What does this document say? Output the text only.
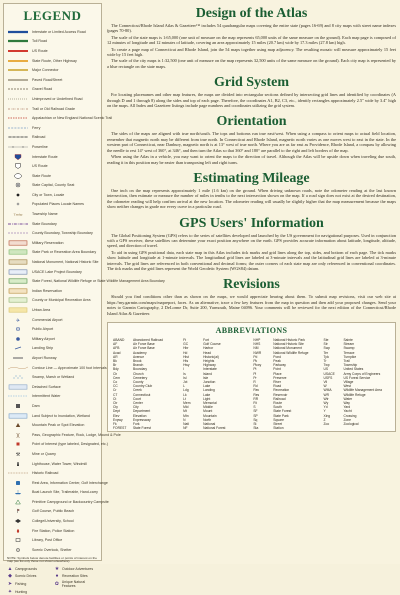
LEGEND
Interstate or Limited Access Road
Toll Road
US Route
State Route, Other Highway
Major Connector
Paved Road/Street
Gravel Road
Unimproved or Undefined Road
Trail or Old Railroad Grade
Appalachian or New England National Scenic Trail
Ferry
Railroad
Powerline
Interstate Route
US Route
State Route
State Capital, County Seat
City or Town, Locale
Populated Places Locale Names
Tnshp	Township Name
State Boundary
County Boundary, Township Boundary
Military Reservation
State Park or Recreation Area Boundary
National Monument, National Historic Site
USACE Lake Project Boundary
State Forest, National Wildlife Refuge or State Wildlife Management Area Boundary
Indian Reservation
County or Municipal Recreation Area
Urban Area
✈	Commercial Airport
Public Airport
Military Airport
Landing Strip
Airport Runway
Contour Line — Approximate 100 foot Intervals
Swamp, Marsh or Wetland
Detached Surface
Intermittent Water
Dam
Land Subject to Inundation, Wetland
Mountain Peak or Spot Elevation
)(	Pass, Geographic Feature, Rock, Lodge, Mound & Pole
Point of Interest (type labeled, Designated, etc.)
⚒	Mine or Quarry
Lighthouse, Water Tower, Windmill
Historic Railroad
Rest Area, Information Center, Golf Interchange
Boat Launch Site, Trailerable, Hand-carry
Primitive Campground or Backcountry Campsite
Golf Course, Public Beach
College/University, School
Fire Station, Police Station
Library, Post Office
Scenic Overlook, Shelter
NOTE: Symbols below denote facilities or points of interest on the map (we list only those not shown elsewhere).
▲ Campgrounds	★ Outdoor Adventures
◆ Scenic Drives	● Recreation Sites
➤ Fishing	✿ Unique Natural Features
✦ Hunting
Design of the Atlas

The Connecticut/Rhode Island Atlas & Gazetteer™ includes 54 quadrangular maps covering the entire state (pages 16-69) and 8 city maps with street name indexes (pages 70-80).

The scale of the state maps is 1:65,000 (one unit of measure on the map represents 65,000 units of the same measure on the ground). Each map page is composed of 12 minutes of longitude and 12 minutes of latitude, covering an area approximately 15 miles (20.7 km) wide by 17.3 miles (27.8 km) high.

To create a page map of Connecticut and Rhode Island, join the 54 maps together using map adjacency. The resulting mosaic will measure approximately 15 feet wide by 15 feet high.

The scale of the city maps is 1:32,500 (one unit of measure on the map represents 32,500 units of the same measure on the ground). Each city map is represented by a blue rectangle on the state maps.

Grid System

For locating placenames and other map features, the maps are divided into rectangular sections defined by intersecting grid lines and identified by coordinates (A through D and 1 through 8) along the sides and top of each page. Therefore, the coordinates A1, B2, C3, etc., identify rectangles approximately 2.5" wide by 3.4" high on the maps. All Index and Gazetteer listings include page numbers and coordinates utilizing the grid system.

Orientation

The sides of the maps are aligned with true north/south. The tops and bottoms run true east/west. When using a compass to orient maps to actual field location, remember that magnetic north may be different from true north. In Connecticut and Rhode Island, magnetic north varies as one moves west to east in the state. In the western part of Connecticut, near Danbury, magnetic north is at 13° west of true north. Where you are as far east as Providence, Rhode Island, a compass by allowing the needle to rest 14° west of 360°, at 346°, and then turn the Atlas so that 360° and 180° are parallel to the right and left borders of the map.

When using the Atlas in a vehicle, you may want to orient the maps to the direction of travel. Although the Atlas will be upside down when traveling due south, reading it in this position may be easier than transposing left and right turns.

Estimating Mileage

One inch on the map represents approximately 1 mile (1.6 km) on the ground. When driving unknown roads, note the odometer reading at the last known intersection, then estimate or measure the number of miles in tenths to the next intersection shown on the map. If a road sign does not exist at the desired destination, the odometer reading will help confirm arrival at the new location. The odometer reading will usually be slightly higher that the map measurement because the maps show neither changes in grade nor every curve in a particular road.

GPS Users' Information

The Global Positioning System (GPS) refers to the series of satellites developed and launched by the US government for navigational purposes. Used in conjunction with a GPS receiver, these satellites can determine your exact position anywhere on the earth. GPS provides accurate information about latitude, longitude, altitude, speed, and direction of travel.

To aid in using GPS positional data, each state map in this Atlas includes tick marks and grid lines along the top, sides, and bottom of each page. The tick marks show latitude and longitude at 1-minute intervals. The longitudinal grid lines are labeled at 3-minute intervals and the latitudinal grid lines are labeled at 3-minute intervals. The grid lines are referenced in both conventional and decimal forms; the outer corners of each state map are only referenced in conventional coordinates. The tick marks and the grid lines represent the World Geodetic System (WGS84) datum.

Revisions

Should you find conditions other than as shown on the maps, we would appreciate hearing about them. To submit map revisions, visit our web site at https://my.garmin.com/maps/mapreport, faces. As an alternative, trace a few key features from the map in question and then add your proposed changes. Send your notes to Garmin Cartography, 2 DeLorme Dr, Suite 200, Yarmouth, Maine 04096. Your comments will be reviewed for the next edition of the Connecticut/Rhode Island Atlas & Gazetteer.

ABBREVIATIONS
ABAND	Abandoned Railroad
AF	Air Force Base
AFB	Air Force Base
Acad	Academy
AR	Avenue
Bk	Brook
Br	Branch
Bdy	Boundary
Ch	Church
Cem	Cemetery
Co	County
CC	Country Club
Cr	Creek
CT	Connecticut
Ct	Court
Ctr	Center
Cty	City
Dept	Department
Elev	Elevation
Expwy	Expressway
Fk	Fork
FOREST	State Forest
Ft	Fort
GC	Golf Course
Hbr	Harbor
Hd	Head
Hist	Historic(al)
Hts	Heights
Hwy	Highway
I	Interstate
Is	Island
Isl	Isle
Jct	Junction
L	Lake
Ldg	Landing
Lk	Lake
Lt	Light
Mem	Memorial
Mid	Middle
Mt	Mount
Mtn	Mountain
N	North
Natl	National
NF	National Forest
NHP	National Historic Park
NHS	National Historic Site
NM	National Monument
NWR	National Wildlife Refuge
Pd	Pond
Pk	Peak
Pkwy	Parkway
Pt	Point
Pl	Place
Pr	Preserve
R	River
Rd	Road
Rec	Recreation
Res	Reservoir
RR	Railroad
Rt	Route
S	South
SF	State Forest
SP	State Park
Sq	Square
St	Street
Sta	Station
Ste	Sainte
Str	Stream
Swp	Swamp
Ter	Terrace
Tpk	Turnpike
Tr	Trail
Twp	Township
US	United States
USACE	Army Corps of Engineers
USFS	US Forest Service
Vil	Village
W	West
WMA	Wildlife Management Area
WR	Wildlife Refuge
Wtr	Water
Wy	Way
Yd	Yard
Y	Yacht
Xing	Crossing
Z	Zone
Zoo	Zoological
